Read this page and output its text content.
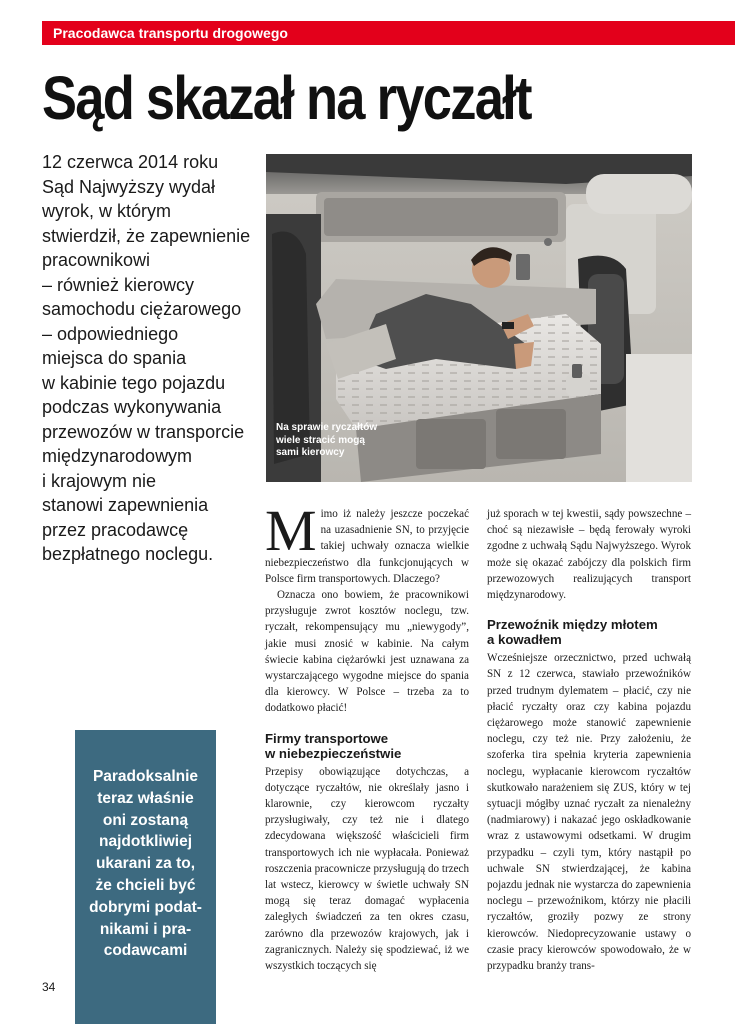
Pracodawca transportu drogowego
Sąd skazał na ryczałt
12 czerwca 2014 roku
Sąd Najwyższy wydał
wyrok, w którym
stwierdził, że zapewnienie
pracownikowi
– również kierowcy
samochodu ciężarowego
– odpowiedniego
miejsca do spania
w kabinie tego pojazdu
podczas wykonywania
przewozów w transporcie
międzynarodowym
i krajowym nie
stanowi zapewnienia
przez pracodawcę
bezpłatnego noclegu.
Na sprawie ryczałtów
wiele stracić mogą
sami kierowcy

Mimo iż należy jeszcze poczekać na uzasadnienie SN, to przyjęcie takiej uchwały oznacza wielkie niebezpieczeństwo dla funkcjonujących w Polsce firm transportowych. Dlaczego?

Oznacza ono bowiem, że pracownikowi przysługuje zwrot kosztów noclegu, tzw. ryczałt, rekompensujący mu „niewygody”, jakie musi znosić w kabinie. Na całym świecie kabina ciężarówki jest uznawana za wystarczającego wygodne miejsce do spania dla kierowcy. W Polsce – trzeba za to dodatkowo płacić!

Firmy transportowe
w niebezpieczeństwie

Przepisy obowiązujące dotychczas, a dotyczące ryczałtów, nie określały jasno i klarownie, czy kierowcom ryczałty przysługiwały, czy też nie i dlatego zdecydowana większość właścicieli firm transportowych ich nie wypłacała. Ponieważ roszczenia pracownicze przysługują do trzech lat wstecz, kierowcy w świetle uchwały SN mogą się teraz domagać wypłacenia zaległych świadczeń za ten okres czasu, zarówno dla przewozów krajowych, jak i zagranicznych. Należy się spodziewać, iż we wszystkich toczących się

już sporach w tej kwestii, sądy powszechne – choć są niezawisłe – będą ferowały wyroki zgodne z uchwałą Sądu Najwyższego. Wyrok może się okazać zabójczy dla polskich firm przewozowych realizujących transport międzynarodowy.

Przewoźnik między młotem
a kowadłem

Wcześniejsze orzecznictwo, przed uchwałą SN z 12 czerwca, stawiało przewoźników przed trudnym dylematem – płacić, czy nie płacić ryczałty oraz czy kabina pojazdu ciężarowego może stanowić zapewnienie noclegu, czy też nie. Przy założeniu, że szoferka tira spełnia kryteria zapewnienia noclegu, wypłacanie kierowcom ryczałtów skutkowało narażeniem się ZUS, który w tej sytuacji mógłby uznać ryczałt za nienależny (nadmiarowy) i nakazać jego oskładkowanie wraz z ustawowymi odsetkami. W drugim przypadku – czyli tym, który nastąpił po uchwale SN stwierdzającej, że kabina pojazdu jednak nie wystarcza do zapewnienia noclegu – przewoźnikom, którzy nie płacili ryczałtów, groziły pozwy ze strony kierowców. Niedoprecyzowanie ustawy o czasie pracy kierowców spowodowało, że w przypadku branży trans-

Paradoksalnie
teraz właśnie
oni zostaną
najdotkliwiej
ukarani za to,
że chcieli być
dobrymi podat-
nikami i pra-
codawcami
34
